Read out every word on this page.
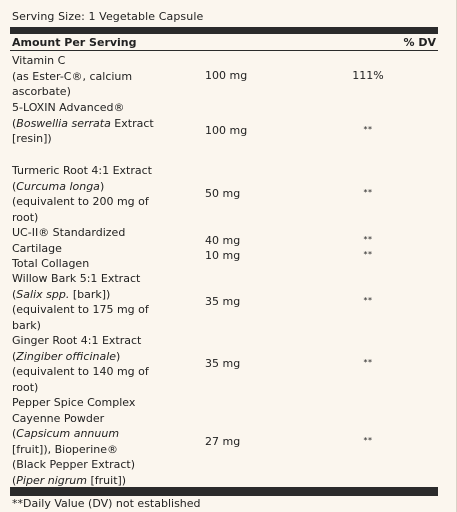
Serving Size: 1 Vegetable Capsule
Amount Per Serving	% DV
Vitamin C
(as Ester-C®, calcium
ascorbate)
100 mg	111%
5-LOXIN Advanced®
(Boswellia serrata Extract
[resin])
100 mg	**
Turmeric Root 4:1 Extract
(Curcuma longa)
(equivalent to 200 mg of
root)
50 mg	**
UC-II® Standardized
Cartilage
40 mg	**
Total Collagen
10 mg	**
Willow Bark 5:1 Extract
(Salix spp. [bark])
(equivalent to 175 mg of
bark)
35 mg	**
Ginger Root 4:1 Extract
(Zingiber officinale)
(equivalent to 140 mg of
root)
35 mg	**
Pepper Spice Complex
Cayenne Powder
(Capsicum annuum
[fruit]), Bioperine®
(Black Pepper Extract)
(Piper nigrum [fruit])
27 mg	**
**Daily Value (DV) not established
